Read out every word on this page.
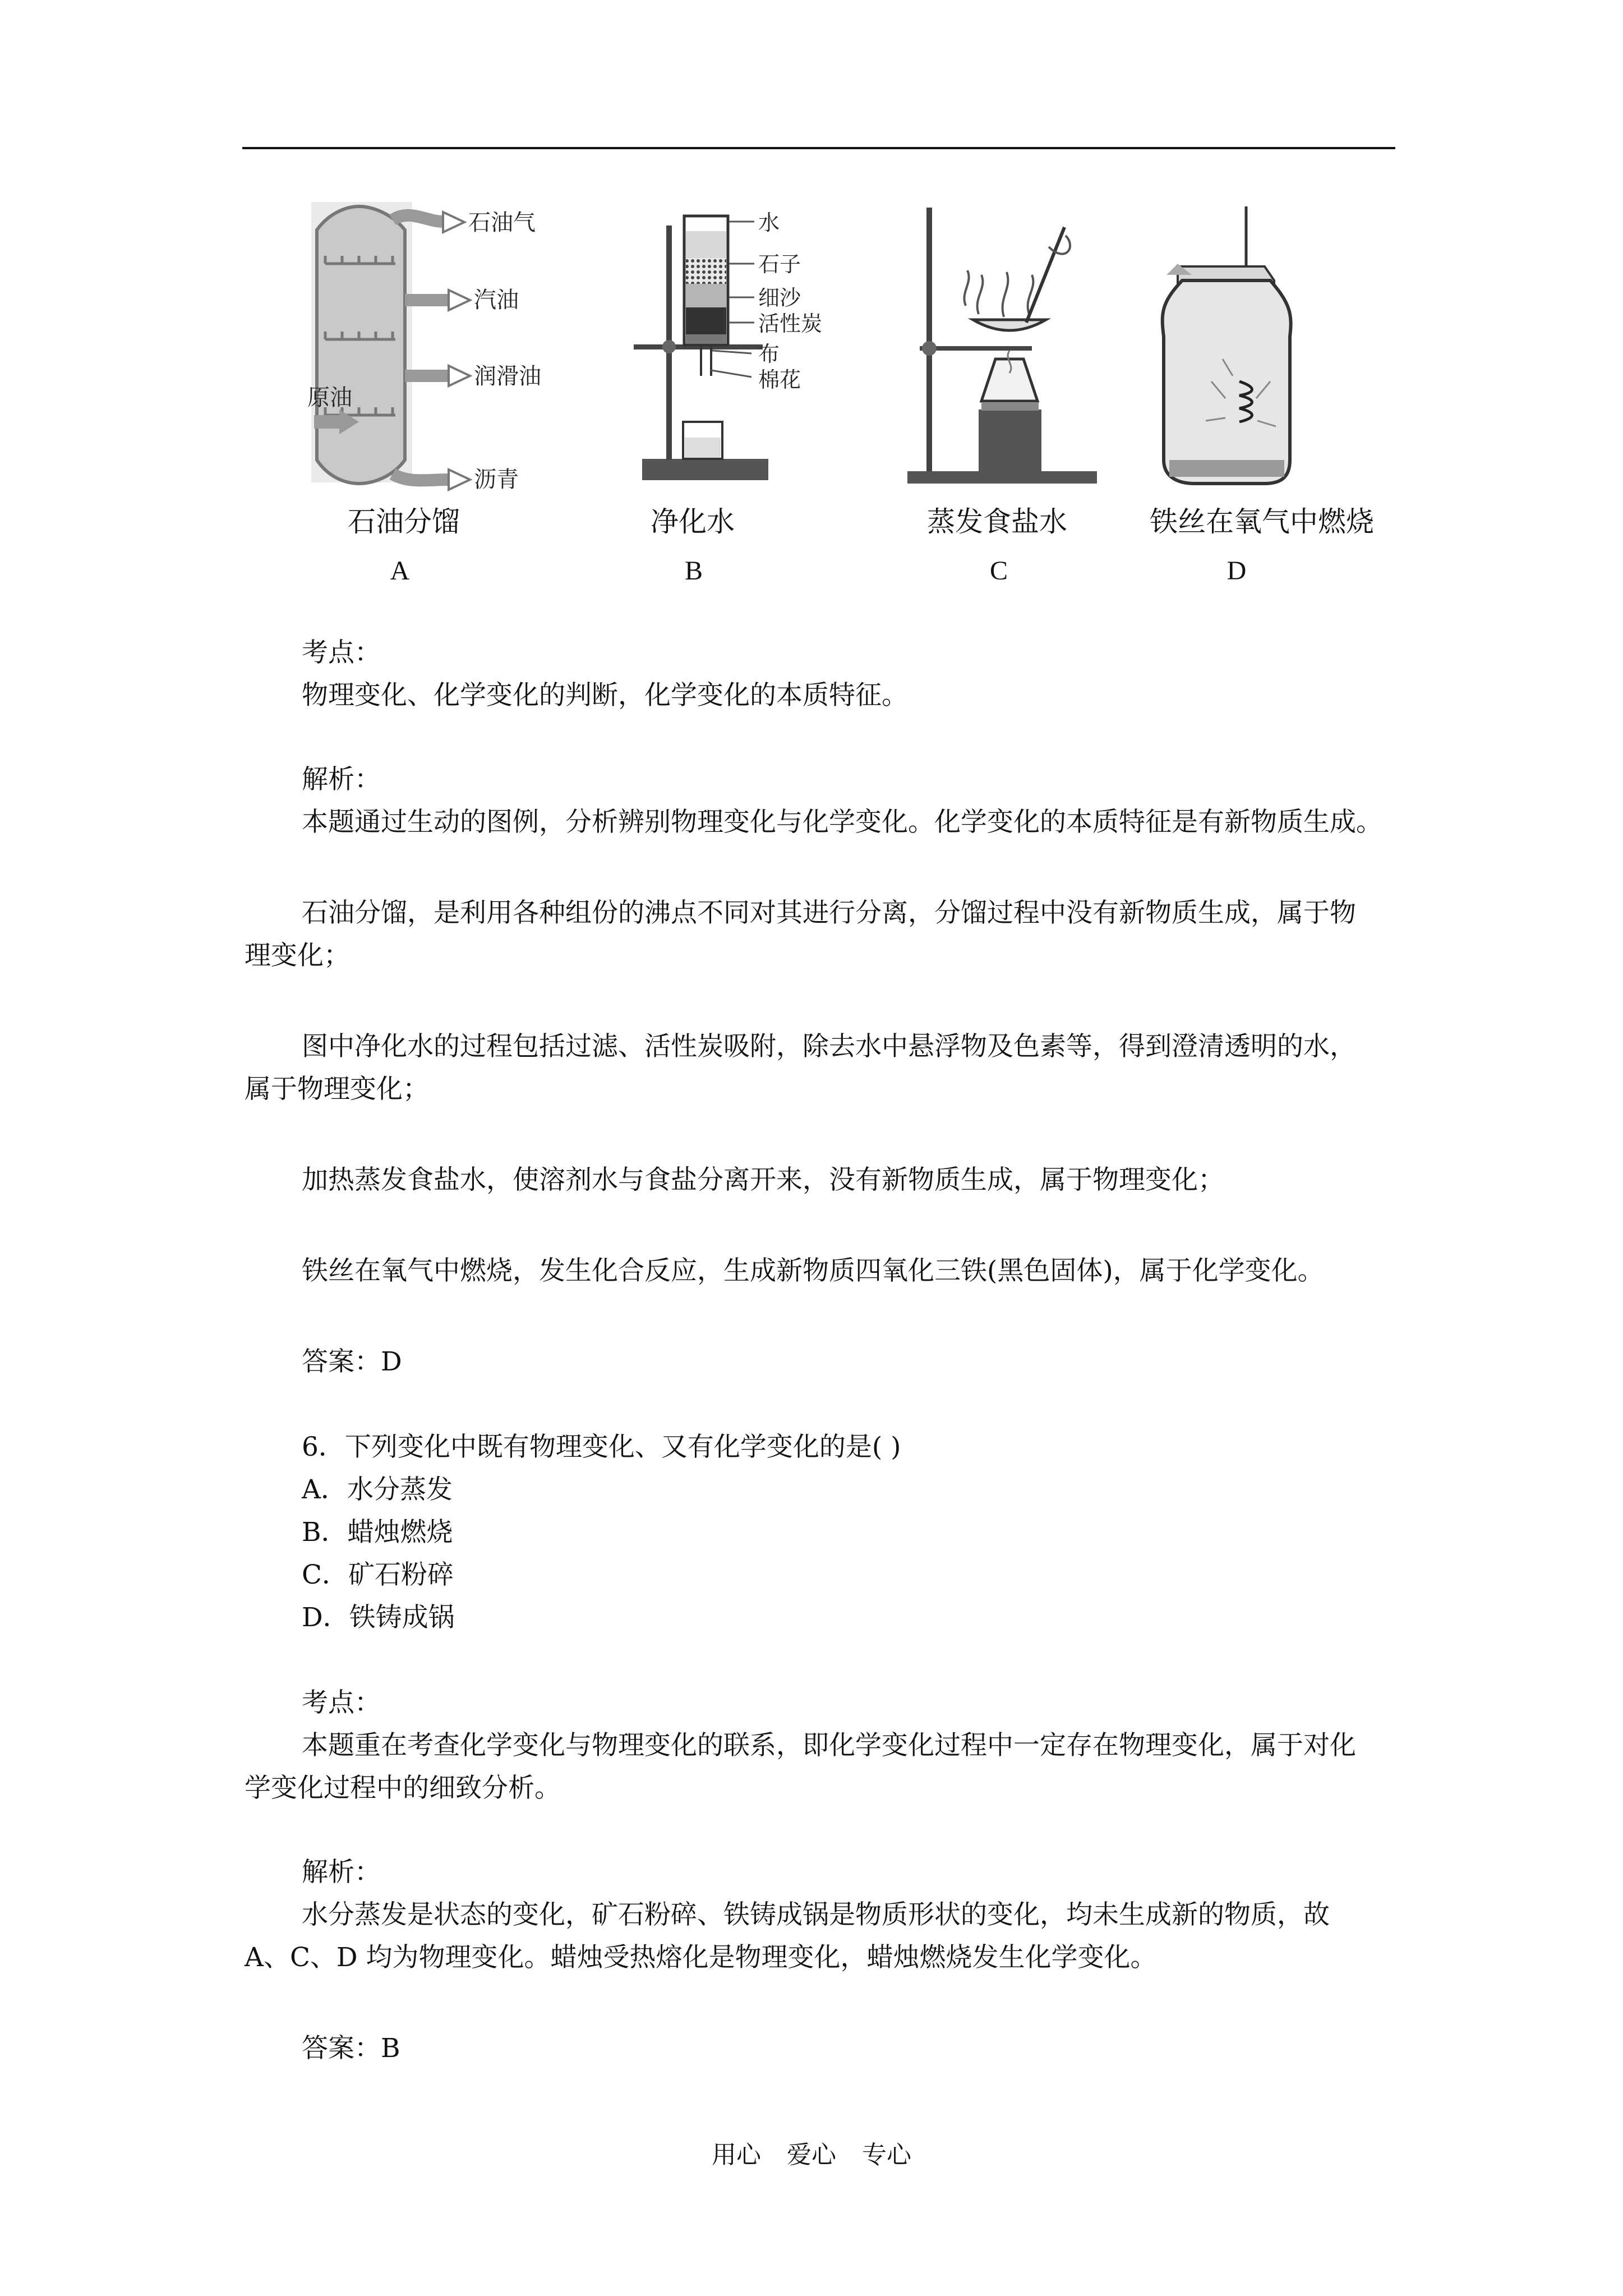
石油气
汽油
润滑油
沥青
原油
水
石子
细沙
活性炭
布
棉花
石油分馏	净化水	蒸发食盐水	铁丝在氧气中燃烧
A	B	C	D
考点：
物理变化、化学变化的判断，化学变化的本质特征。
解析：
本题通过生动的图例，分析辨别物理变化与化学变化。化学变化的本质特征是有新物质生成。
石油分馏，是利用各种组份的沸点不同对其进行分离，分馏过程中没有新物质生成，属于物
理变化；
图中净化水的过程包括过滤、活性炭吸附，除去水中悬浮物及色素等，得到澄清透明的水，
属于物理变化；
加热蒸发食盐水，使溶剂水与食盐分离开来，没有新物质生成，属于物理变化；
铁丝在氧气中燃烧，发生化合反应，生成新物质四氧化三铁(黑色固体)，属于化学变化。
答案：D
6．下列变化中既有物理变化、又有化学变化的是( )
A．水分蒸发
B．蜡烛燃烧
C．矿石粉碎
D．铁铸成锅
考点：
本题重在考查化学变化与物理变化的联系，即化学变化过程中一定存在物理变化，属于对化
学变化过程中的细致分析。
解析：
水分蒸发是状态的变化，矿石粉碎、铁铸成锅是物质形状的变化，均未生成新的物质，故
A、C、D 均为物理变化。蜡烛受热熔化是物理变化，蜡烛燃烧发生化学变化。
答案：B
用心 爱心 专心
